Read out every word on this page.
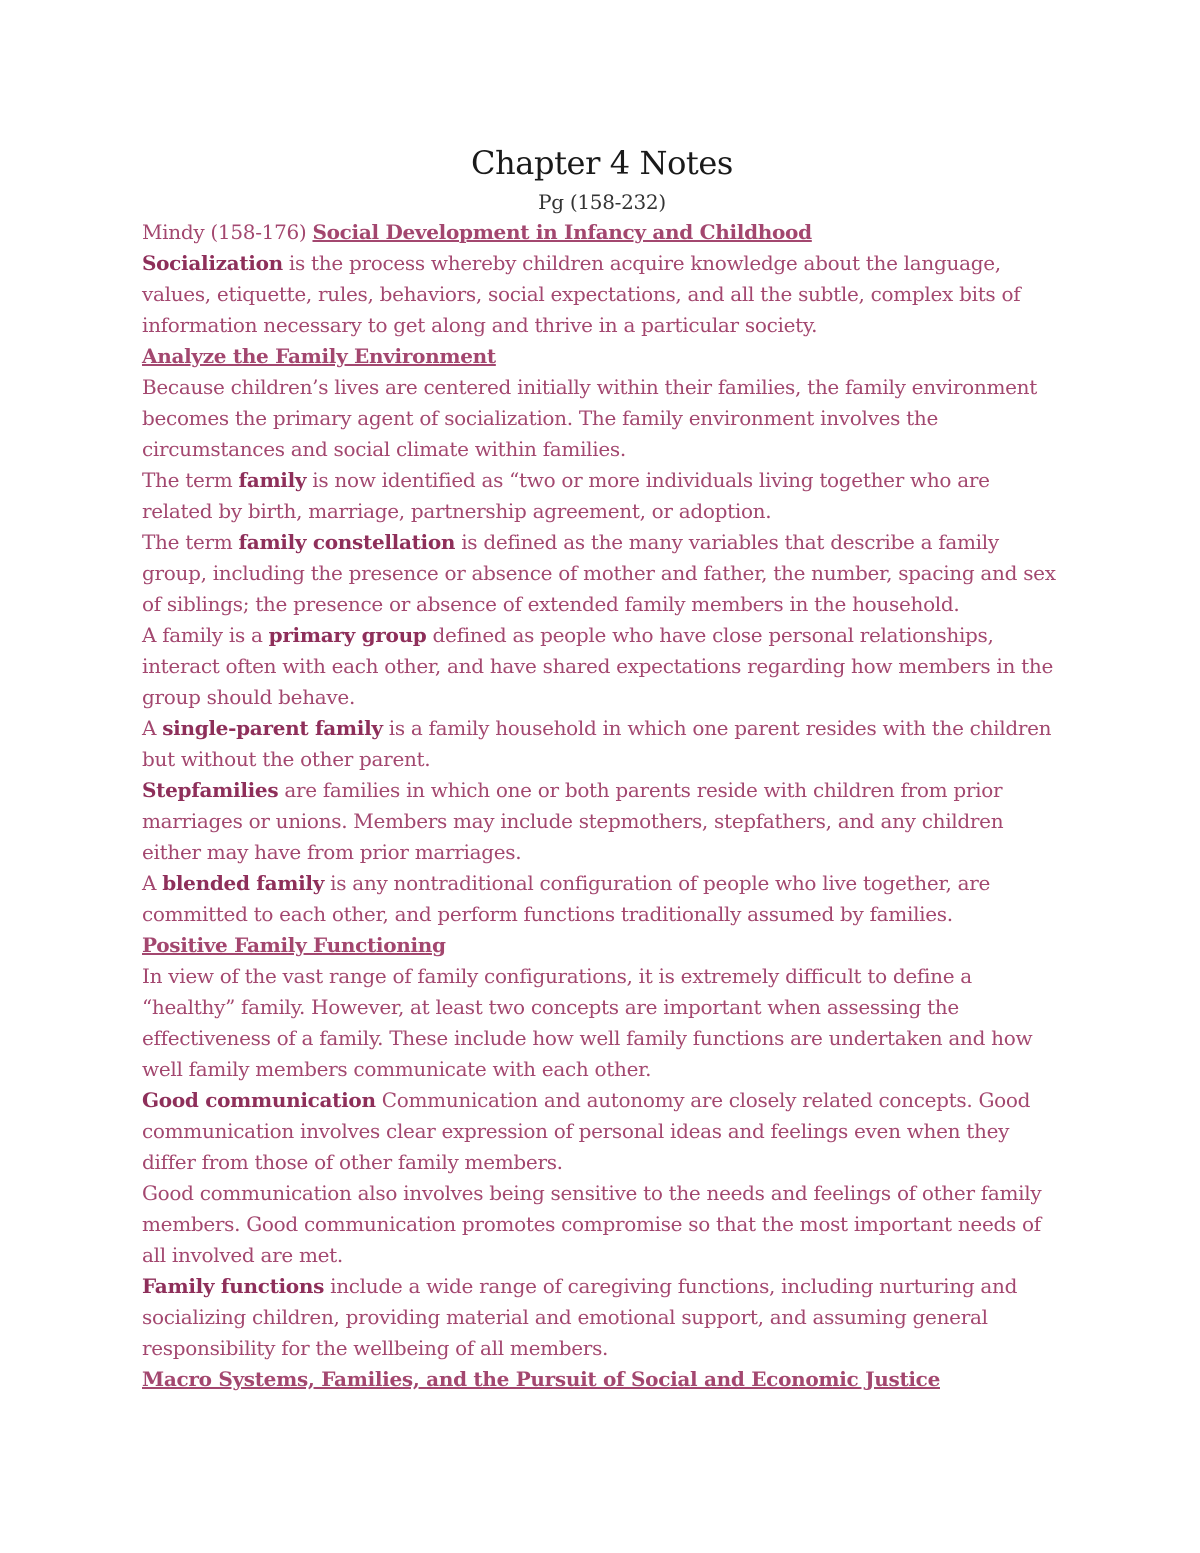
Chapter 4 Notes

Pg (158-232)

Mindy (158-176) Social Development in Infancy and Childhood

Socialization is the process whereby children acquire knowledge about the language, values, etiquette, rules, behaviors, social expectations, and all the subtle, complex bits of information necessary to get along and thrive in a particular society.

Analyze the Family Environment

Because children’s lives are centered initially within their families, the family environment becomes the primary agent of socialization. The family environment involves the circumstances and social climate within families.

The term family is now identified as “two or more individuals living together who are related by birth, marriage, partnership agreement, or adoption.

The term family constellation is defined as the many variables that describe a family group, including the presence or absence of mother and father, the number, spacing and sex of siblings; the presence or absence of extended family members in the household.

A family is a primary group defined as people who have close personal relationships, interact often with each other, and have shared expectations regarding how members in the group should behave.

A single-parent family is a family household in which one parent resides with the children but without the other parent.

Stepfamilies are families in which one or both parents reside with children from prior marriages or unions. Members may include stepmothers, stepfathers, and any children either may have from prior marriages.

A blended family is any nontraditional configuration of people who live together, are committed to each other, and perform functions traditionally assumed by families.

Positive Family Functioning

In view of the vast range of family configurations, it is extremely difficult to define a “healthy” family. However, at least two concepts are important when assessing the effectiveness of a family. These include how well family functions are undertaken and how well family members communicate with each other.

Good communication Communication and autonomy are closely related concepts. Good communication involves clear expression of personal ideas and feelings even when they differ from those of other family members.

Good communication also involves being sensitive to the needs and feelings of other family members. Good communication promotes compromise so that the most important needs of all involved are met.

Family functions include a wide range of caregiving functions, including nurturing and socializing children, providing material and emotional support, and assuming general responsibility for the wellbeing of all members.

Macro Systems, Families, and the Pursuit of Social and Economic Justice
